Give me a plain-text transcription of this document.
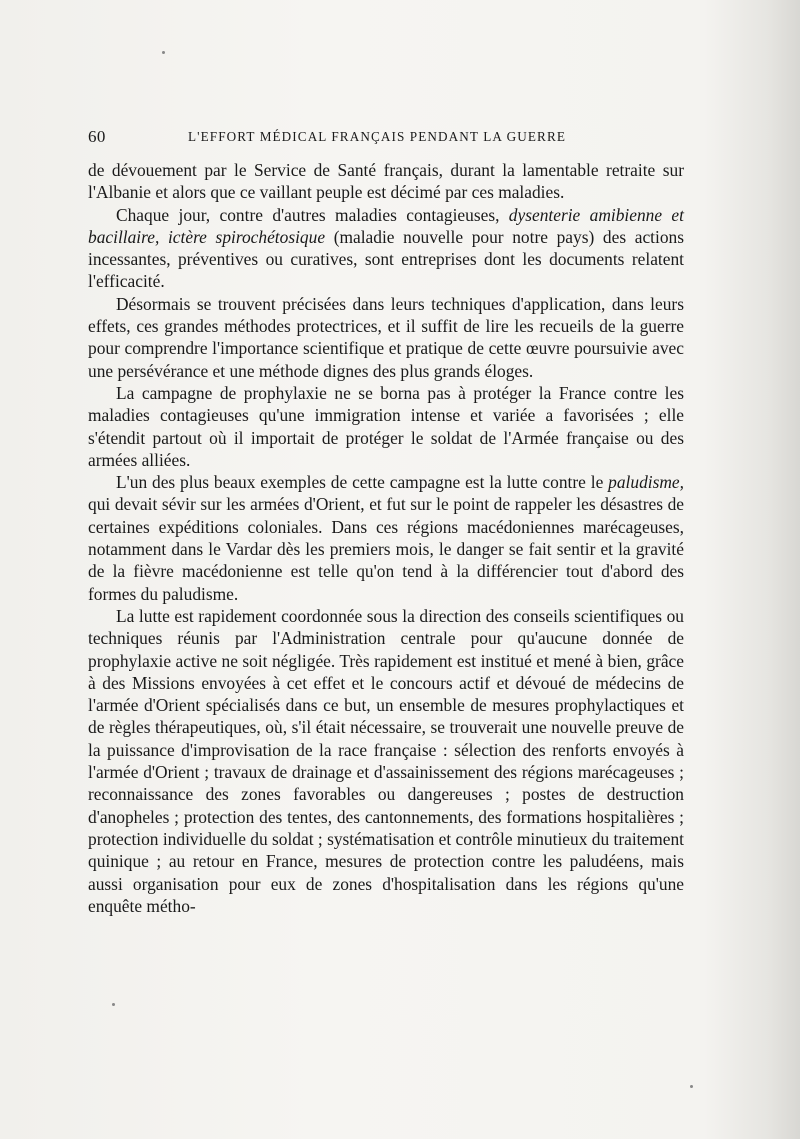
60	L'EFFORT MÉDICAL FRANÇAIS PENDANT LA GUERRE

de dévouement par le Service de Santé français, durant la lamentable retraite sur l'Albanie et alors que ce vaillant peuple est décimé par ces maladies.

Chaque jour, contre d'autres maladies contagieuses, dysenterie amibienne et bacillaire, ictère spirochétosique (maladie nouvelle pour notre pays) des actions incessantes, préventives ou curatives, sont entreprises dont les documents relatent l'efficacité.

Désormais se trouvent précisées dans leurs techniques d'application, dans leurs effets, ces grandes méthodes protectrices, et il suffit de lire les recueils de la guerre pour comprendre l'importance scientifique et pratique de cette œuvre poursuivie avec une persévérance et une méthode dignes des plus grands éloges.

La campagne de prophylaxie ne se borna pas à protéger la France contre les maladies contagieuses qu'une immigration intense et variée a favorisées ; elle s'étendit partout où il importait de protéger le soldat de l'Armée française ou des armées alliées.

L'un des plus beaux exemples de cette campagne est la lutte contre le paludisme, qui devait sévir sur les armées d'Orient, et fut sur le point de rappeler les désastres de certaines expéditions coloniales. Dans ces régions macédoniennes marécageuses, notamment dans le Vardar dès les premiers mois, le danger se fait sentir et la gravité de la fièvre macédonienne est telle qu'on tend à la différencier tout d'abord des formes du paludisme.

La lutte est rapidement coordonnée sous la direction des conseils scientifiques ou techniques réunis par l'Administration centrale pour qu'aucune donnée de prophylaxie active ne soit négligée. Très rapidement est institué et mené à bien, grâce à des Missions envoyées à cet effet et le concours actif et dévoué de médecins de l'armée d'Orient spécialisés dans ce but, un ensemble de mesures prophylactiques et de règles thérapeutiques, où, s'il était nécessaire, se trouverait une nouvelle preuve de la puissance d'improvisation de la race française : sélection des renforts envoyés à l'armée d'Orient ; travaux de drainage et d'assainissement des régions marécageuses ; reconnaissance des zones favorables ou dangereuses ; postes de destruction d'anopheles ; protection des tentes, des cantonnements, des formations hospitalières ; protection individuelle du soldat ; systématisation et contrôle minutieux du traitement quinique ; au retour en France, mesures de protection contre les paludéens, mais aussi organisation pour eux de zones d'hospitalisation dans les régions qu'une enquête métho-
